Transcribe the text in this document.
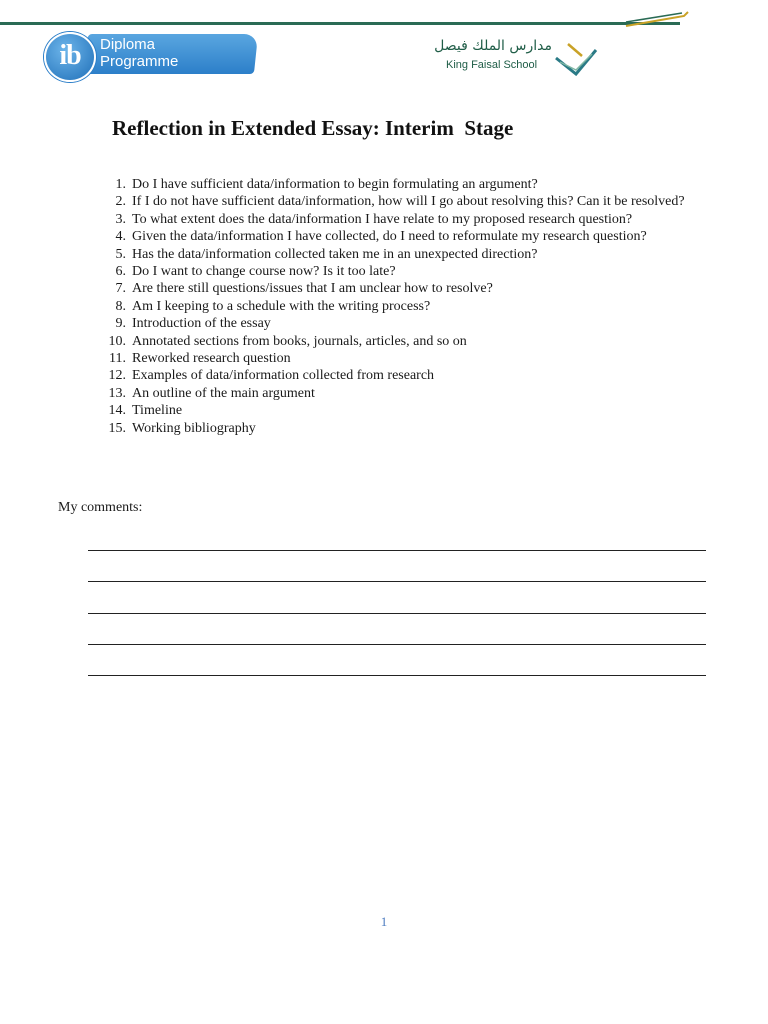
ib	Diploma
Programme
مدارس الملك فيصل
King Faisal School
Reflection in Extended Essay: Interim  Stage
1. Do I have sufficient data/information to begin formulating an argument?
2. If I do not have sufficient data/information, how will I go about resolving this? Can it be resolved?
3. To what extent does the data/information I have relate to my proposed research question?
4. Given the data/information I have collected, do I need to reformulate my research question?
5. Has the data/information collected taken me in an unexpected direction?
6. Do I want to change course now? Is it too late?
7. Are there still questions/issues that I am unclear how to resolve?
8. Am I keeping to a schedule with the writing process?
9. Introduction of the essay
10. Annotated sections from books, journals, articles, and so on
11. Reworked research question
12. Examples of data/information collected from research
13. An outline of the main argument
14. Timeline
15. Working bibliography
My comments:
1
